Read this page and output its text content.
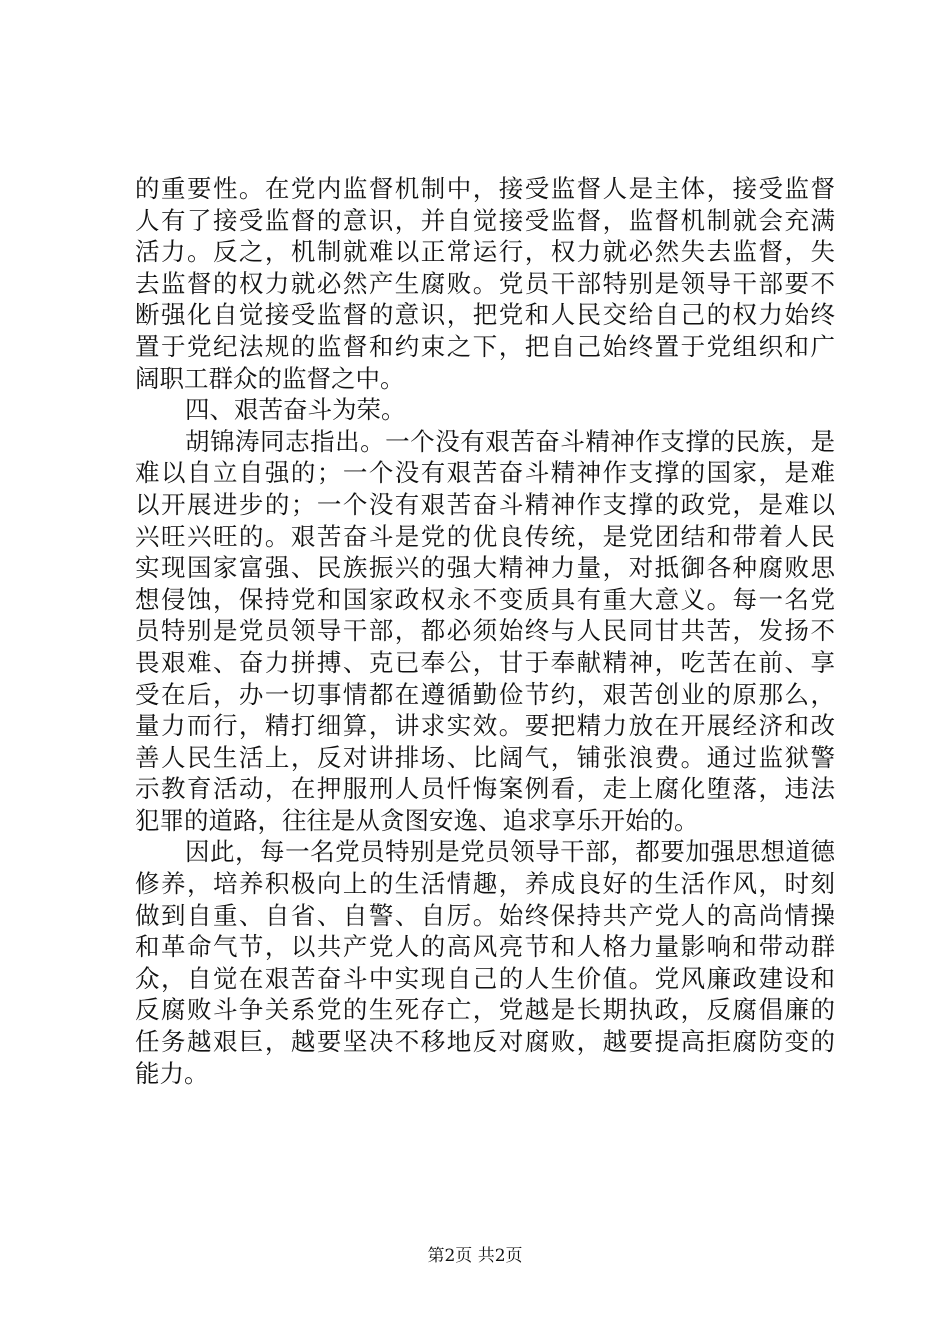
的重要性。在党内监督机制中，接受监督人是主体，接受监督
人有了接受监督的意识，并自觉接受监督，监督机制就会充满
活力。反之，机制就难以正常运行，权力就必然失去监督，失
去监督的权力就必然产生腐败。党员干部特别是领导干部要不
断强化自觉接受监督的意识，把党和人民交给自己的权力始终
置于党纪法规的监督和约束之下，把自己始终置于党组织和广
阔职工群众的监督之中。
四、艰苦奋斗为荣。
胡锦涛同志指出。一个没有艰苦奋斗精神作支撑的民族，是
难以自立自强的；一个没有艰苦奋斗精神作支撑的国家，是难
以开展进步的；一个没有艰苦奋斗精神作支撑的政党，是难以
兴旺兴旺的。艰苦奋斗是党的优良传统，是党团结和带着人民
实现国家富强、民族振兴的强大精神力量，对抵御各种腐败思
想侵蚀，保持党和国家政权永不变质具有重大意义。每一名党
员特别是党员领导干部，都必须始终与人民同甘共苦，发扬不
畏艰难、奋力拼搏、克已奉公，甘于奉献精神，吃苦在前、享
受在后，办一切事情都在遵循勤俭节约，艰苦创业的原那么，
量力而行，精打细算，讲求实效。要把精力放在开展经济和改
善人民生活上，反对讲排场、比阔气，铺张浪费。通过监狱警
示教育活动，在押服刑人员忏悔案例看，走上腐化堕落，违法
犯罪的道路，往往是从贪图安逸、追求享乐开始的。
因此，每一名党员特别是党员领导干部，都要加强思想道德
修养，培养积极向上的生活情趣，养成良好的生活作风，时刻
做到自重、自省、自警、自厉。始终保持共产党人的高尚情操
和革命气节，以共产党人的高风亮节和人格力量影响和带动群
众，自觉在艰苦奋斗中实现自己的人生价值。党风廉政建设和
反腐败斗争关系党的生死存亡，党越是长期执政，反腐倡廉的
任务越艰巨，越要坚决不移地反对腐败，越要提高拒腐防变的
能力。
第2页 共2页
